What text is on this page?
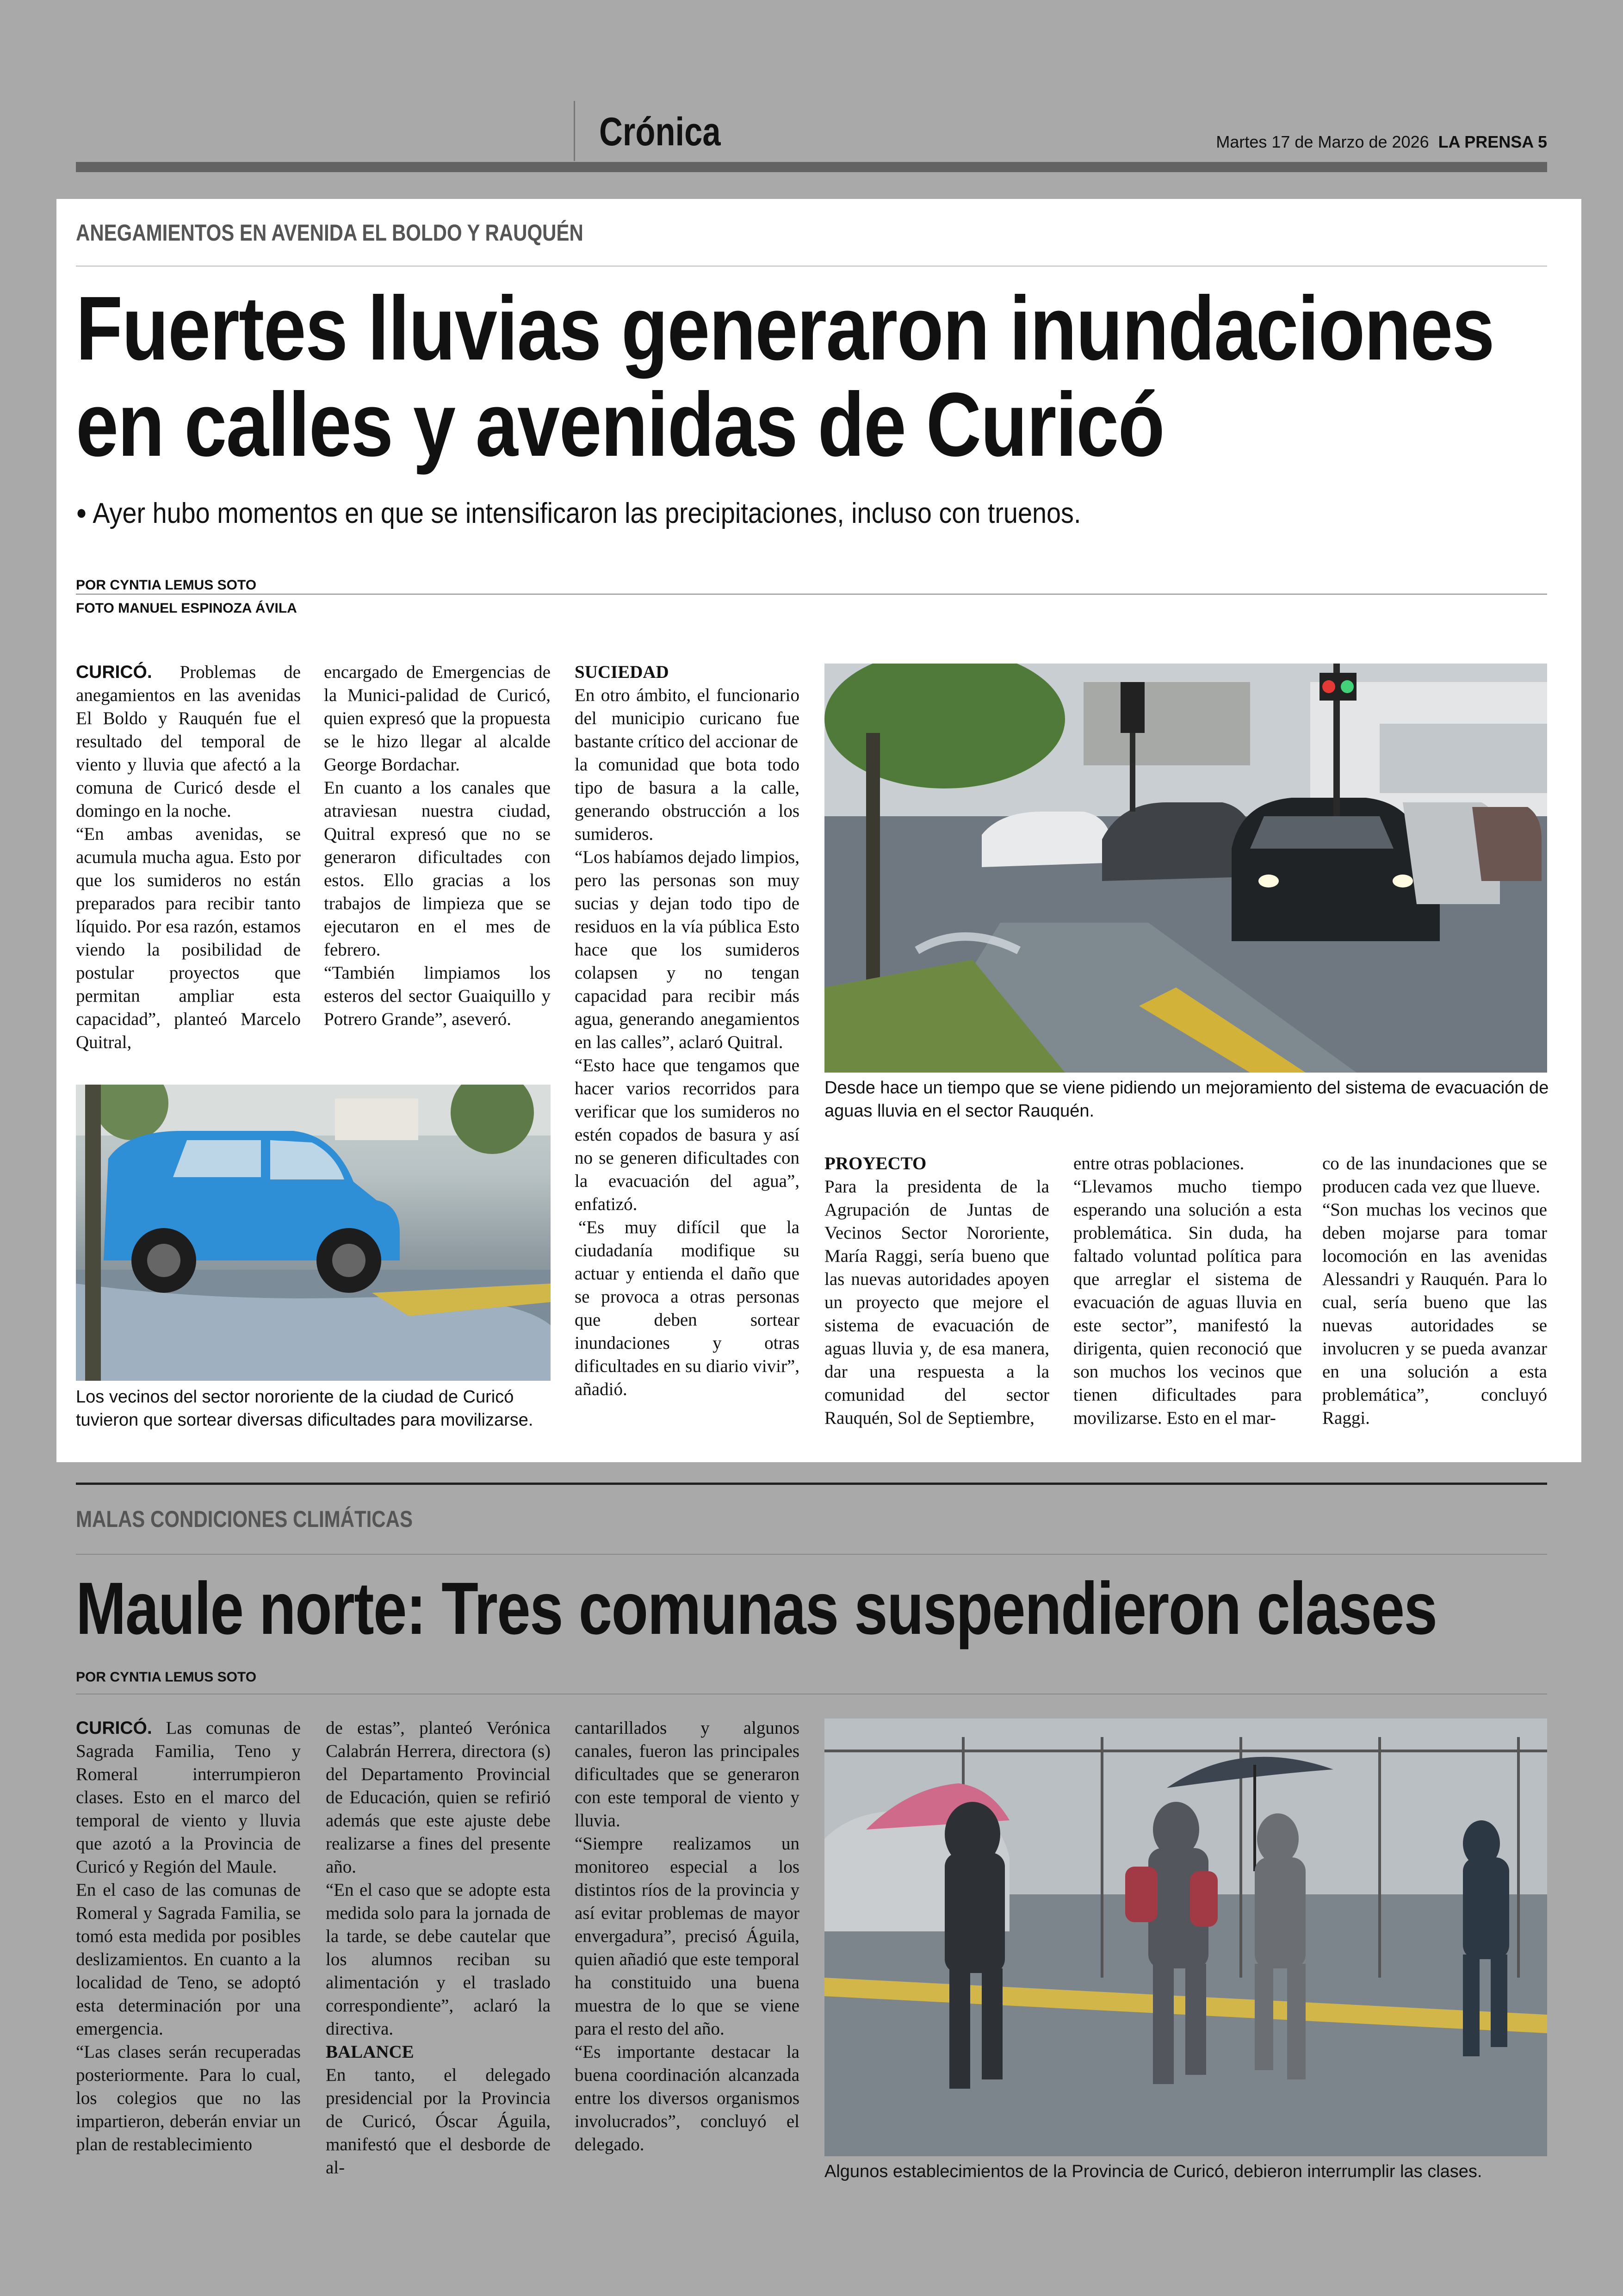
Crónica	Martes 17 de Marzo de 2026 LA PRENSA 5
ANEGAMIENTOS EN AVENIDA EL BOLDO Y RAUQUÉN
Fuertes lluvias generaron inundaciones
en calles y avenidas de Curicó
● Ayer hubo momentos en que se intensificaron las precipitaciones, incluso con truenos.
POR CYNTIA LEMUS SOTO
FOTO MANUEL ESPINOZA ÁVILA

CURICÓ. Problemas de anegamientos en las avenidas El Boldo y Rauquén fue el resultado del temporal de viento y lluvia que afectó a la comuna de Curicó desde el domingo en la noche.

“En ambas avenidas, se acumula mucha agua. Esto por que los sumideros no están preparados para recibir tanto líquido. Por esa razón, estamos viendo la posibilidad de postular proyectos que permitan ampliar esta capacidad”, planteó Marcelo Quitral,

encargado de Emergencias de la Munici-palidad de Curicó, quien expresó que la propuesta se le hizo llegar al alcalde George Bordachar.

En cuanto a los canales que atraviesan nuestra ciudad, Quitral expresó que no se generaron dificultades con estos. Ello gracias a los trabajos de limpieza que se ejecutaron en el mes de febrero.

“También limpiamos los esteros del sector Guaiquillo y Potrero Grande”, aseveró.

Los vecinos del sector nororiente de la ciudad de Curicó tuvieron que sortear diversas dificultades para movilizarse.

SUCIEDAD

En otro ámbito, el funcionario del municipio curicano fue bastante crítico del accionar de

la comunidad que bota todo tipo de basura a la calle, generando obstrucción a los sumideros.

“Los habíamos dejado limpios, pero las personas son muy sucias y dejan todo tipo de residuos en la vía pública Esto hace que los sumideros colapsen y no tengan capacidad para recibir más agua, generando anegamientos en las calles”, aclaró Quitral.

“Esto hace que tengamos que hacer varios recorridos para verificar que los sumideros no estén copados de basura y así no se generen dificultades con la evacuación del agua”, enfatizó.

“Es muy difícil que la ciudadanía modifique su actuar y entienda el daño que se provoca a otras personas que deben sortear inundaciones y otras dificultades en su diario vivir”, añadió.

Desde hace un tiempo que se viene pidiendo un mejoramiento del sistema de evacuación de aguas lluvia en el sector Rauquén.

PROYECTO

Para la presidenta de la Agrupación de Juntas de Vecinos Sector Nororiente, María Raggi, sería bueno que las nuevas autoridades apoyen un proyecto que mejore el sistema de evacuación de aguas lluvia y, de esa manera, dar una respuesta a la comunidad del sector Rauquén, Sol de Septiembre,

entre otras poblaciones.

“Llevamos mucho tiempo esperando una solución a esta problemática. Sin duda, ha faltado voluntad política para que arreglar el sistema de evacuación de aguas lluvia en este sector”, manifestó la dirigenta, quien reconoció que son muchos los vecinos que tienen dificultades para movilizarse. Esto en el mar-

co de las inundaciones que se producen cada vez que llueve.

“Son muchas los vecinos que deben mojarse para tomar locomoción en las avenidas Alessandri y Rauquén. Para lo cual, sería bueno que las nuevas autoridades se involucren y se pueda avanzar en una solución a esta problemática”, concluyó Raggi.

MALAS CONDICIONES CLIMÁTICAS
Maule norte: Tres comunas suspendieron clases
POR CYNTIA LEMUS SOTO

CURICÓ. Las comunas de Sagrada Familia, Teno y Romeral interrumpieron clases. Esto en el marco del temporal de viento y lluvia que azotó a la Provincia de Curicó y Región del Maule.

En el caso de las comunas de Romeral y Sagrada Familia, se tomó esta medida por posibles deslizamientos. En cuanto a la localidad de Teno, se adoptó esta determinación por una emergencia.

“Las clases serán recuperadas posteriormente. Para lo cual, los colegios que no las impartieron, deberán enviar un plan de restablecimiento

de estas”, planteó Verónica Calabrán Herrera, directora (s) del Departamento Provincial de Educación, quien se refirió además que este ajuste debe realizarse a fines del presente año.

“En el caso que se adopte esta medida solo para la jornada de la tarde, se debe cautelar que los alumnos reciban su alimentación y el traslado correspondiente”, aclaró la directiva.

BALANCE

En tanto, el delegado presidencial por la Provincia de Curicó, Óscar Águila, manifestó que el desborde de al-

cantarillados y algunos canales, fueron las principales dificultades que se generaron con este temporal de viento y lluvia.

“Siempre realizamos un monitoreo especial a los distintos ríos de la provincia y así evitar problemas de mayor envergadura”, precisó Águila, quien añadió que este temporal ha constituido una buena muestra de lo que se viene para el resto del año.

“Es importante destacar la buena coordinación alcanzada entre los diversos organismos involucrados”, concluyó el delegado.

Algunos establecimientos de la Provincia de Curicó, debieron interrumplir las clases.
